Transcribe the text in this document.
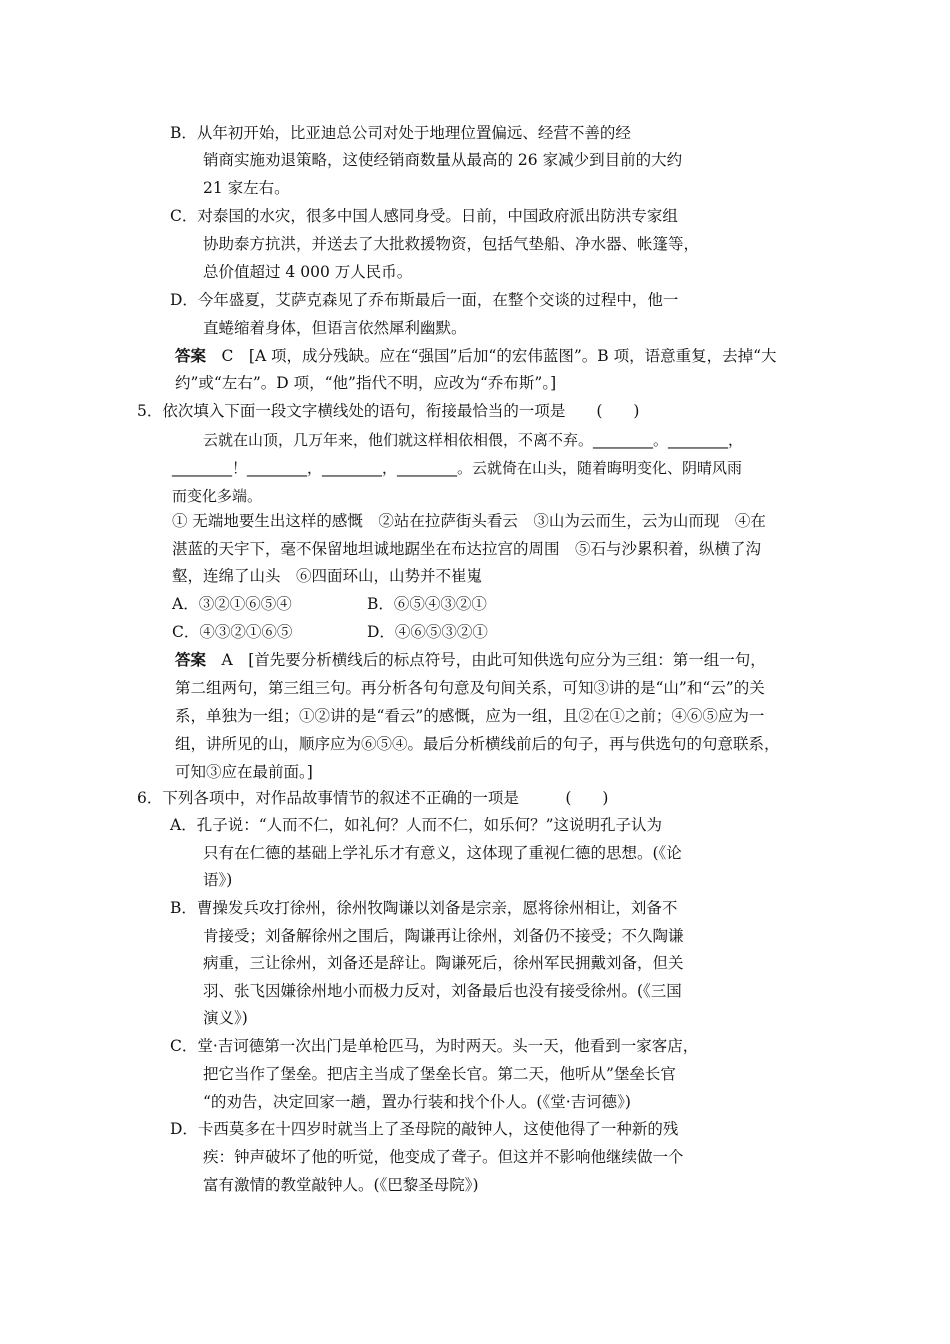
B．从年初开始，比亚迪总公司对处于地理位置偏远、经营不善的经
销商实施劝退策略，这使经销商数量从最高的 26 家减少到目前的大约
21 家左右。
C．对泰国的水灾，很多中国人感同身受。日前，中国政府派出防洪专家组
协助泰方抗洪，并送去了大批救援物资，包括气垫船、净水器、帐篷等，
总价值超过 4 000 万人民币。
D．今年盛夏，艾萨克森见了乔布斯最后一面，在整个交谈的过程中，他一
直蜷缩着身体，但语言依然犀利幽默。
答案　 C　[A 项，成分残缺。应在“强国”后加“的宏伟蓝图”。B 项，语意重复，去掉“大
约”或“左右”。D 项，“他”指代不明，应改为“乔布斯”。]
5．依次填入下面一段文字横线处的语句，衔接最恰当的一项是　　(　　)
云就在山顶，几万年来，他们就这样相依相偎，不离不弃。________。________，
________！________，________，________。云就倚在山头，随着晦明变化、阴晴风雨
而变化多端。
① 无端地要生出这样的感慨　②站在拉萨街头看云　③山为云而生，云为山而现　④在
湛蓝的天宇下，毫不保留地坦诚地踞坐在布达拉宫的周围　⑤石与沙累积着，纵横了沟
壑，连绵了山头　⑥四面环山，山势并不崔嵬
A．③②①⑥⑤④	B．⑥⑤④③②①
C．④③②①⑥⑤	D．④⑥⑤③②①
答案　 A　[首先要分析横线后的标点符号，由此可知供选句应分为三组：第一组一句，
第二组两句，第三组三句。再分析各句句意及句间关系，可知③讲的是“山”和“云”的关
系，单独为一组；①②讲的是“看云”的感慨，应为一组，且②在①之前；④⑥⑤应为一
组，讲所见的山，顺序应为⑥⑤④。最后分析横线前后的句子，再与供选句的句意联系，
可知③应在最前面。]
6．下列各项中，对作品故事情节的叙述不正确的一项是　　　(　　)
A．孔子说：“人而不仁，如礼何？人而不仁，如乐何？”这说明孔子认为
只有在仁德的基础上学礼乐才有意义，这体现了重视仁德的思想。(《论
语》)
B．曹操发兵攻打徐州，徐州牧陶谦以刘备是宗亲，愿将徐州相让，刘备不
肯接受；刘备解徐州之围后，陶谦再让徐州，刘备仍不接受；不久陶谦
病重，三让徐州，刘备还是辞让。陶谦死后，徐州军民拥戴刘备，但关
羽、张飞因嫌徐州地小而极力反对，刘备最后也没有接受徐州。(《三国
演义》)
C．堂·吉诃德第一次出门是单枪匹马，为时两天。头一天，他看到一家客店，
把它当作了堡垒。把店主当成了堡垒长官。第二天，他听从”堡垒长官
“的劝告，决定回家一趟，置办行装和找个仆人。(《堂·吉诃德》)
D．卡西莫多在十四岁时就当上了圣母院的敲钟人，这使他得了一种新的残
疾：钟声破坏了他的听觉，他变成了聋子。但这并不影响他继续做一个
富有激情的教堂敲钟人。(《巴黎圣母院》)
